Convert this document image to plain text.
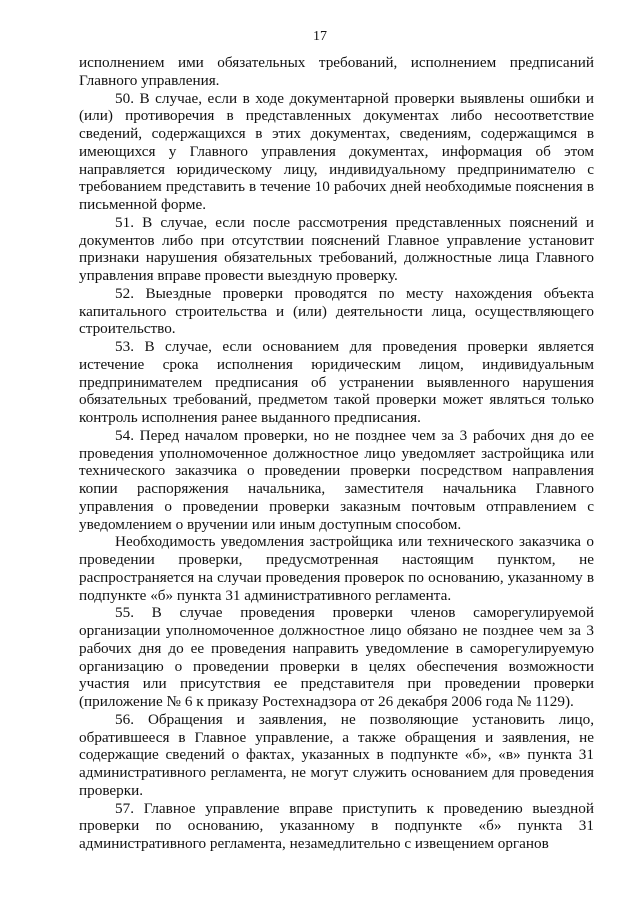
17

исполнением ими обязательных требований, исполнением предписаний Главного управления.

50. В случае, если в ходе документарной проверки выявлены ошибки и (или) противоречия в представленных документах либо несоответствие сведений, содержащихся в этих документах, сведениям, содержащимся в имеющихся у Главного управления документах, информация об этом направляется юридическому лицу, индивидуальному предпринимателю с требованием представить в течение 10 рабочих дней необходимые пояснения в письменной форме.

51. В случае, если после рассмотрения представленных пояснений и документов либо при отсутствии пояснений Главное управление установит признаки нарушения обязательных требований, должностные лица Главного управления вправе провести выездную проверку.

52. Выездные проверки проводятся по месту нахождения объекта капитального строительства и (или) деятельности лица, осуществляющего строительство.

53. В случае, если основанием для проведения проверки является истечение срока исполнения юридическим лицом, индивидуальным предпринимателем предписания об устранении выявленного нарушения обязательных требований, предметом такой проверки может являться только контроль исполнения ранее выданного предписания.

54. Перед началом проверки, но не позднее чем за 3 рабочих дня до ее проведения уполномоченное должностное лицо уведомляет застройщика или технического заказчика о проведении проверки посредством направления копии распоряжения начальника, заместителя начальника Главного управления о проведении проверки заказным почтовым отправлением с уведомлением о вручении или иным доступным способом.

Необходимость уведомления застройщика или технического заказчика о проведении проверки, предусмотренная настоящим пунктом, не распространяется на случаи проведения проверок по основанию, указанному в подпункте «б» пункта 31 административного регламента.

55. В случае проведения проверки членов саморегулируемой организации уполномоченное должностное лицо обязано не позднее чем за 3 рабочих дня до ее проведения направить уведомление в саморегулируемую организацию о проведении проверки в целях обеспечения возможности участия или присутствия ее представителя при проведении проверки (приложение № 6 к приказу Ростехнадзора от 26 декабря 2006 года № 1129).

56. Обращения и заявления, не позволяющие установить лицо, обратившееся в Главное управление, а также обращения и заявления, не содержащие сведений о фактах, указанных в подпункте «б», «в» пункта 31 административного регламента, не могут служить основанием для проведения проверки.

57. Главное управление вправе приступить к проведению выездной проверки по основанию, указанному в подпункте «б» пункта 31 административного регламента, незамедлительно с извещением органов
